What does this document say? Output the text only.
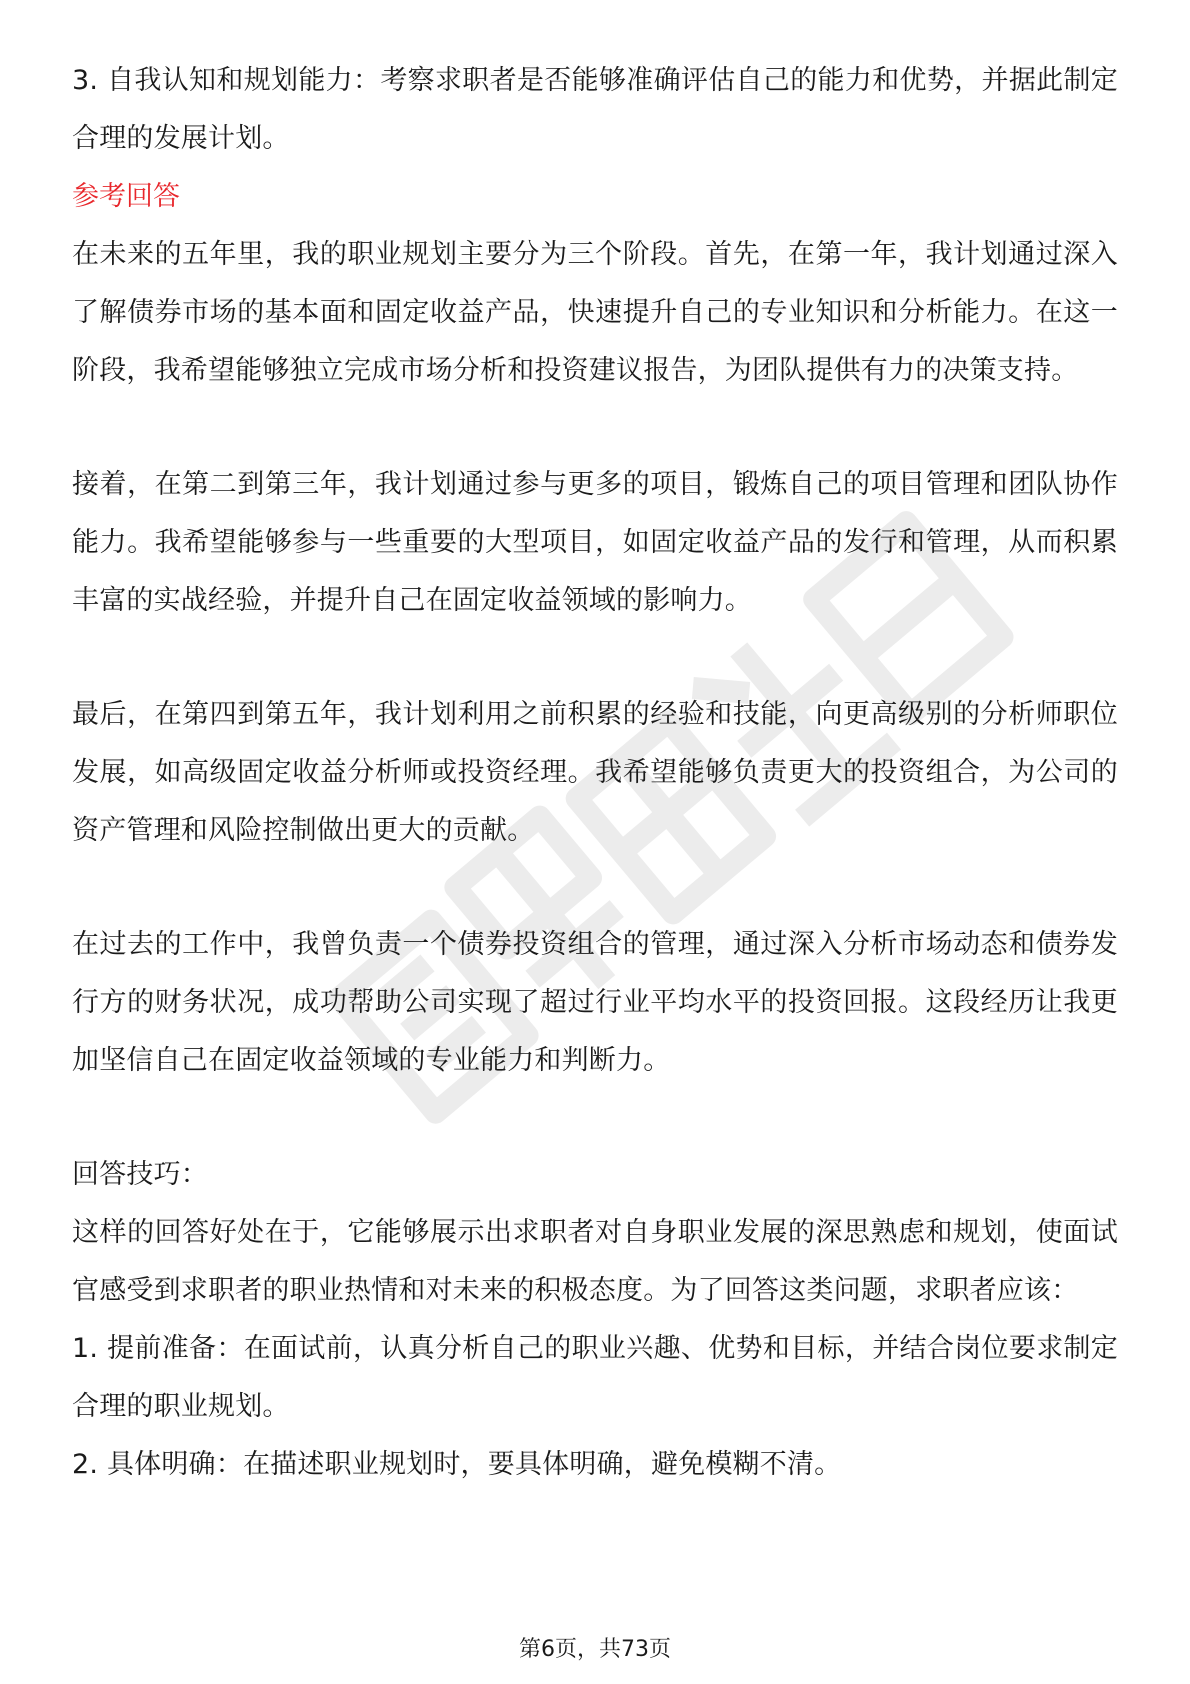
3. 自我认知和规划能力：考察求职者是否能够准确评估自己的能力和优势，并据此制定合理的发展计划。

参考回答

在未来的五年里，我的职业规划主要分为三个阶段。首先，在第一年，我计划通过深入了解债券市场的基本面和固定收益产品，快速提升自己的专业知识和分析能力。在这一阶段，我希望能够独立完成市场分析和投资建议报告，为团队提供有力的决策支持。

接着，在第二到第三年，我计划通过参与更多的项目，锻炼自己的项目管理和团队协作能力。我希望能够参与一些重要的大型项目，如固定收益产品的发行和管理，从而积累丰富的实战经验，并提升自己在固定收益领域的影响力。

最后，在第四到第五年，我计划利用之前积累的经验和技能，向更高级别的分析师职位发展，如高级固定收益分析师或投资经理。我希望能够负责更大的投资组合，为公司的资产管理和风险控制做出更大的贡献。

在过去的工作中，我曾负责一个债券投资组合的管理，通过深入分析市场动态和债券发行方的财务状况，成功帮助公司实现了超过行业平均水平的投资回报。这段经历让我更加坚信自己在固定收益领域的专业能力和判断力。

回答技巧：

这样的回答好处在于，它能够展示出求职者对自身职业发展的深思熟虑和规划，使面试官感受到求职者的职业热情和对未来的积极态度。为了回答这类问题，求职者应该：

1. 提前准备：在面试前，认真分析自己的职业兴趣、优势和目标，并结合岗位要求制定合理的职业规划。

2. 具体明确：在描述职业规划时，要具体明确，避免模糊不清。

第6页，共73页
